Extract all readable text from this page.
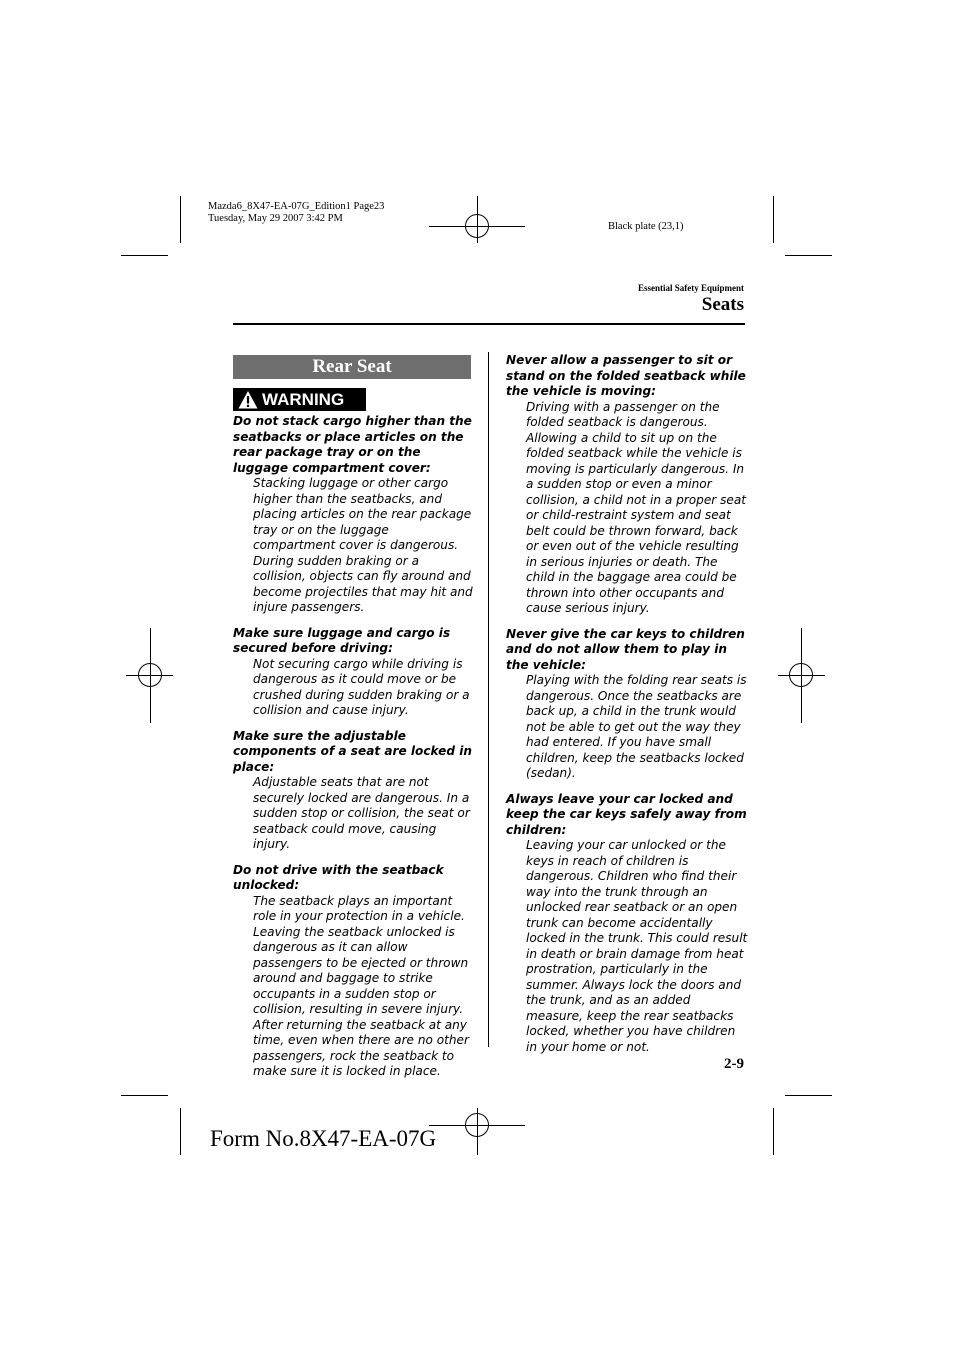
Mazda6_8X47-EA-07G_Edition1 Page23
Tuesday, May 29 2007 3:42 PM
Black plate (23,1)
Essential Safety Equipment
Seats
Rear Seat
WARNING
Do not stack cargo higher than the seatbacks or place articles on the rear package tray or on the luggage compartment cover:
Stacking luggage or other cargo higher than the seatbacks, and placing articles on the rear package tray or on the luggage compartment cover is dangerous. During sudden braking or a collision, objects can fly around and become projectiles that may hit and injure passengers.
Make sure luggage and cargo is secured before driving:
Not securing cargo while driving is dangerous as it could move or be crushed during sudden braking or a collision and cause injury.
Make sure the adjustable components of a seat are locked in place:
Adjustable seats that are not securely locked are dangerous. In a sudden stop or collision, the seat or seatback could move, causing injury.
Do not drive with the seatback unlocked:
The seatback plays an important role in your protection in a vehicle. Leaving the seatback unlocked is dangerous as it can allow passengers to be ejected or thrown around and baggage to strike occupants in a sudden stop or collision, resulting in severe injury. After returning the seatback at any time, even when there are no other passengers, rock the seatback to make sure it is locked in place.
Never allow a passenger to sit or stand on the folded seatback while the vehicle is moving:
Driving with a passenger on the folded seatback is dangerous. Allowing a child to sit up on the folded seatback while the vehicle is moving is particularly dangerous. In a sudden stop or even a minor collision, a child not in a proper seat or child-restraint system and seat belt could be thrown forward, back or even out of the vehicle resulting in serious injuries or death. The child in the baggage area could be thrown into other occupants and cause serious injury.
Never give the car keys to children and do not allow them to play in the vehicle:
Playing with the folding rear seats is dangerous. Once the seatbacks are back up, a child in the trunk would not be able to get out the way they had entered. If you have small children, keep the seatbacks locked (sedan).
Always leave your car locked and keep the car keys safely away from children:
Leaving your car unlocked or the keys in reach of children is dangerous. Children who find their way into the trunk through an unlocked rear seatback or an open trunk can become accidentally locked in the trunk. This could result in death or brain damage from heat prostration, particularly in the summer. Always lock the doors and the trunk, and as an added measure, keep the rear seatbacks locked, whether you have children in your home or not.
2-9
Form No.8X47-EA-07G
